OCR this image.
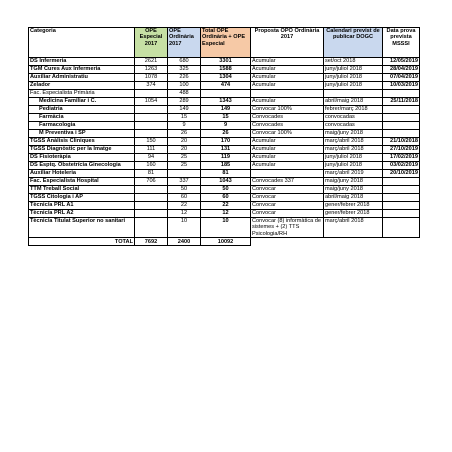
Categoria	OPE Especial 2017	OPE Ordinària 2017	Total OPE Ordinària + OPE Especial	Proposta OPO Ordinària 2017	Calendari previst de publicar DOGC	Data prova prevista MSSSI
DS Infermeria	2621	680	3301	Acumular	set/oct 2018	12/05/2019
TGM Cures Aux Infermeria	1263	325	1588	Acumular	juny/juliol 2018	28/04/2019
Auxiliar Administratiu	1078	226	1304	Acumular	juny/juliol 2018	07/04/2019
Zelador	374	100	474	Acumular	juny/juliol 2018	10/03/2019
Fac. Especialista Primària		488				
Medicina Familiar i C.	1054	289	1343	Acumular	abril/maig 2018	25/11/2018
Pediatria		149	149	Convocar 100%	febrer/març 2018	
Farmàcia		15	15	Convocades	convocadas	
Farmacologia		9	9	Convocades	convocadas	
M Preventiva i SP		26	26	Convocar 100%	maig/juny 2018	
TGSS Anàlisis Cliniques	150	20	170	Acumular	març/abril 2018	21/10/2018
TGSS Diagnòstic per la Imatge	111	20	131	Acumular	març/abril 2018	27/10/2019
DS Fisioteràpia	94	25	119	Acumular	juny/juliol 2018	17/02/2019
DS Esptq. Obstetrícia Ginecologia	160	25	185	Acumular	juny/juliol 2018	03/02/2019
Auxiliar Hoteleria	81		81		març/abril 2019	20/10/2019
Fac. Especialista Hospital	706	337	1043	Convocades 337	maig/juny 2018	
TTM Treball Social		50	50	Convocar	maig/juny 2018	
TGSS Citologia i AP		60	60	Convocar	abril/maig 2018	
Tècnic/a PRL A1		22	22	Convocar	gener/febrer 2018	
Tècnic/a PRL A2		12	12	Convocar	gener/febrer 2018	
Tècnic/a Titulat Superior no sanitari		10	10	Convocar (8) informàtica de sistemes + (2) TTS Psicologia/RH	març/abril 2018	
TOTAL	7692	2400	10092			
